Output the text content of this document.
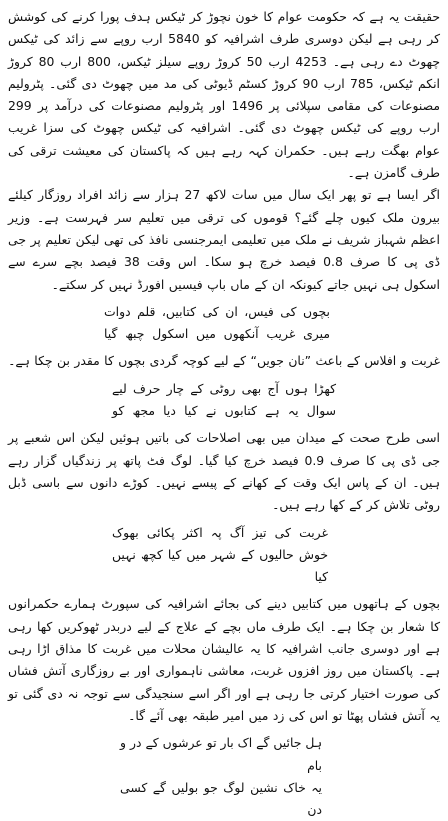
حقیقت یہ ہے کہ حکومت عوام کا خون نچوڑ کر ٹیکس ہدف پورا کرنے کی کوشش کر رہی ہے لیکن دوسری طرف اشرافیہ کو 5840 ارب روپے سے زائد کی ٹیکس چھوٹ دے رہی ہے۔ 4253 ارب 50 کروڑ روپے سیلز ٹیکس، 800 ارب 80 کروڑ انکم ٹیکس، 785 ارب 90 کروڑ کسٹم ڈیوٹی کی مد میں چھوٹ دی گئی۔ پٹرولیم مصنوعات کی مقامی سپلائی پر 1496 اور پٹرولیم مصنوعات کی درآمد پر 299 ارب روپے کی ٹیکس چھوٹ دی گئی۔ اشرافیہ کی ٹیکس چھوٹ کی سزا غریب عوام بھگت رہے ہیں۔ حکمران کہہ رہے ہیں کہ پاکستان کی معیشت ترقی کی طرف گامزن ہے۔

اگر ایسا ہے تو پھر ایک سال میں سات لاکھ 27 ہزار سے زائد افراد روزگار کیلئے بیرون ملک کیوں چلے گئے؟ قوموں کی ترقی میں تعلیم سر فہرست ہے۔ وزیر اعظم شہباز شریف نے ملک میں تعلیمی ایمرجنسی نافذ کی تھی لیکن تعلیم پر جی ڈی پی کا صرف 0.8 فیصد خرچ ہو سکا۔ اس وقت 38 فیصد بچے سرے سے اسکول ہی نہیں جاتے کیونکہ ان کے ماں باپ فیسیں افورڈ نہیں کر سکتے۔

بچوں کی فیس، ان کی کتابیں، قلم دوات
میری غریب آنکھوں میں اسکول چبھ گیا

غربت و افلاس کے باعث ”نان جویں“ کے لیے کوچہ گردی بچوں کا مقدر بن چکا ہے۔

کھڑا ہوں آج بھی روٹی کے چار حرف لیے
سوال یہ ہے کتابوں نے کیا دیا مجھ کو

اسی طرح صحت کے میدان میں بھی اصلاحات کی باتیں ہوئیں لیکن اس شعبے پر جی ڈی پی کا صرف 0.9 فیصد خرچ کیا گیا۔ لوگ فٹ پاتھ پر زندگیاں گزار رہے ہیں۔ ان کے پاس ایک وقت کے کھانے کے پیسے نہیں۔ کوڑے دانوں سے باسی ڈبل روٹی تلاش کر کے کھا رہے ہیں۔

غربت کی تیز آگ پہ اکثر پکائی بھوک
خوش حالیوں کے شہر میں کیا کچھ نہیں کیا

بچوں کے ہاتھوں میں کتابیں دینے کی بجائے اشرافیہ کی سپورٹ ہمارے حکمرانوں کا شعار بن چکا ہے۔ ایک طرف ماں بچے کے علاج کے لیے دربدر ٹھوکریں کھا رہی ہے اور دوسری جانب اشرافیہ کا یہ عالیشان محلات میں غربت کا مذاق اڑا رہی ہے۔ پاکستان میں روز افزوں غربت، معاشی ناہمواری اور بے روزگاری آتش فشاں کی صورت اختیار کرتی جا رہی ہے اور اگر اسے سنجیدگی سے توجہ نہ دی گئی تو یہ آتش فشاں پھٹا تو اس کی زد میں امیر طبقہ بھی آئے گا۔

ہل جائیں گے اک بار تو عرشوں کے در و بام
یہ خاک نشین لوگ جو بولیں گے کسی دن
